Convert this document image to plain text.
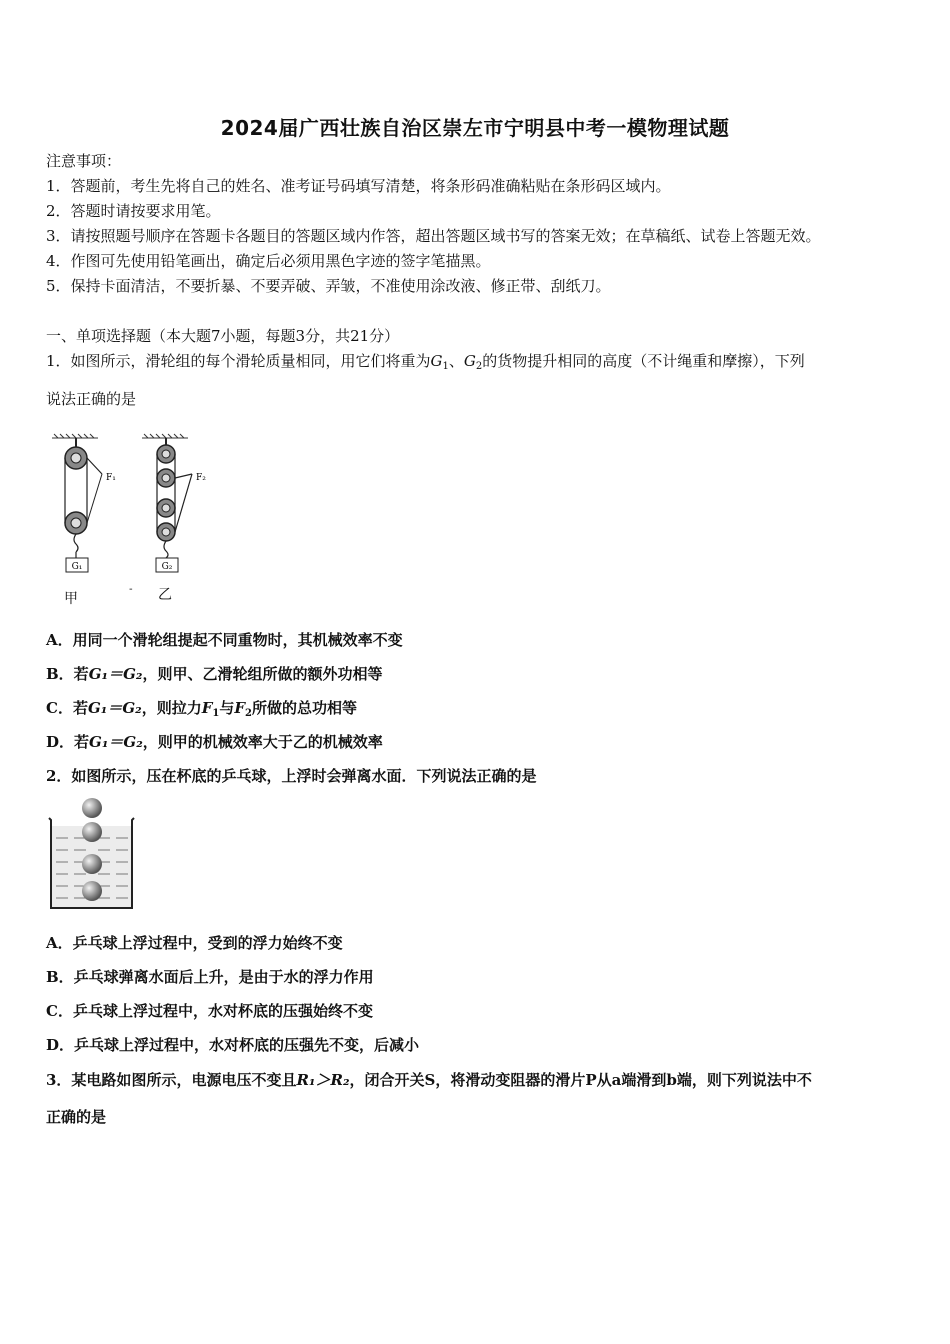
2024届广西壮族自治区崇左市宁明县中考一模物理试题
注意事项：
1．答题前，考生先将自己的姓名、准考证号码填写清楚，将条形码准确粘贴在条形码区域内。
2．答题时请按要求用笔。
3．请按照题号顺序在答题卡各题目的答题区域内作答，超出答题区域书写的答案无效；在草稿纸、试卷上答题无效。
4．作图可先使用铅笔画出，确定后必须用黑色字迹的签字笔描黑。
5．保持卡面清洁，不要折暴、不要弄破、弄皱，不准使用涂改液、修正带、刮纸刀。
一、单项选择题（本大题7小题，每题3分，共21分）
1．如图所示，滑轮组的每个滑轮质量相同，用它们将重为$G_1$、$G_2$的货物提升相同的高度（不计绳重和摩擦），下列
说法正确的是
G₁
F₁
G₂
F₂
甲
- 乙
A．用同一个滑轮组提起不同重物时，其机械效率不变
B．若G₁＝G₂，则甲、乙滑轮组所做的额外功相等
C．若G₁＝G₂，则拉力$F_1$与$F_2$所做的总功相等
D．若G₁＝G₂，则甲的机械效率大于乙的机械效率
2．如图所示，压在杯底的乒乓球，上浮时会弹离水面．下列说法正确的是
A．乒乓球上浮过程中，受到的浮力始终不变
B．乒乓球弹离水面后上升，是由于水的浮力作用
C．乒乓球上浮过程中，水对杯底的压强始终不变
D．乒乓球上浮过程中，水对杯底的压强先不变，后减小
3．某电路如图所示，电源电压不变且R₁＞R₂，闭合开关S，将滑动变阻器的滑片P从a端滑到b端，则下列说法中不
正确的是
